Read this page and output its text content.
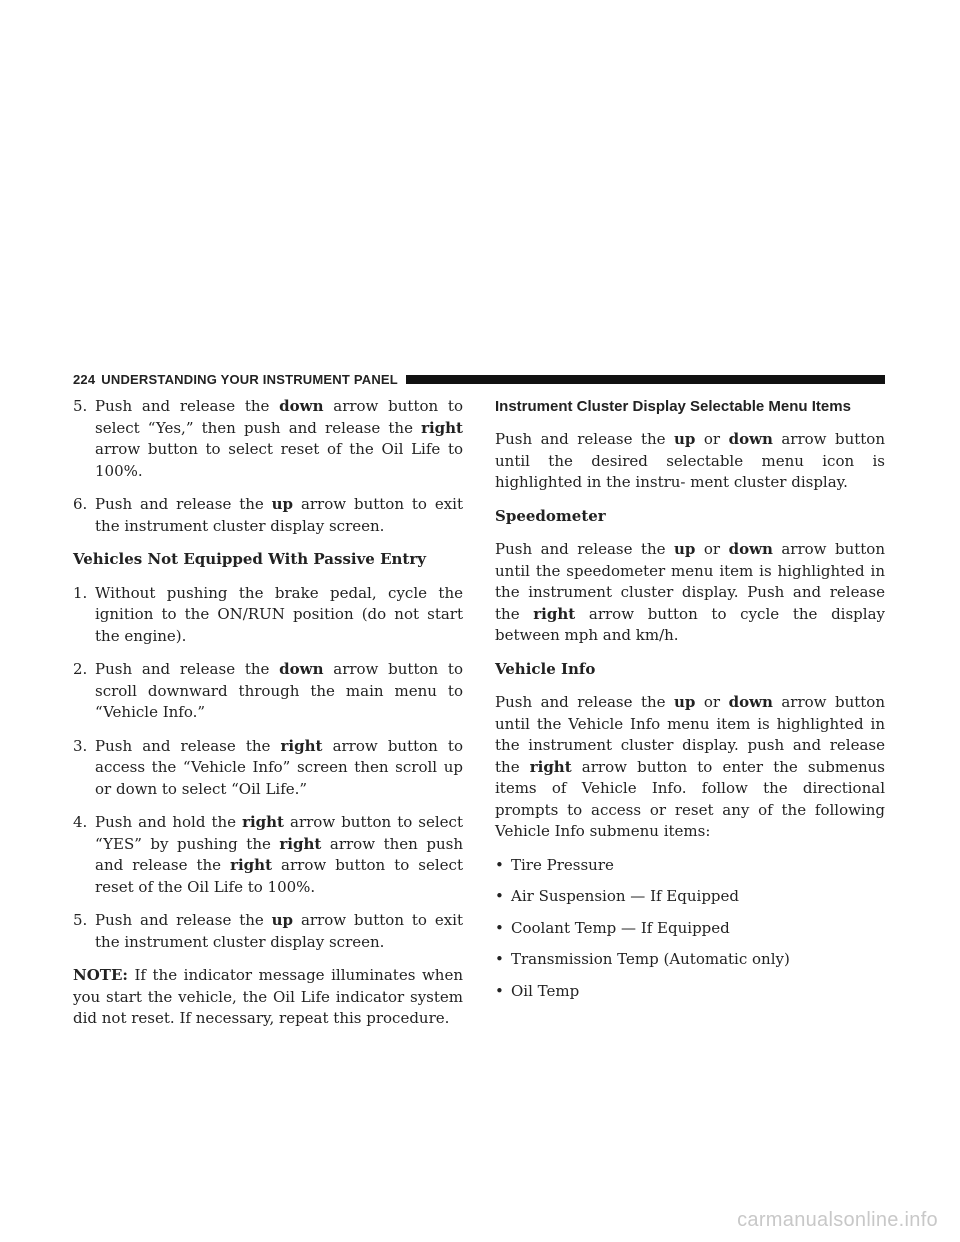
224 UNDERSTANDING YOUR INSTRUMENT PANEL
5. Push and release the down arrow button to select “Yes,” then push and release the right arrow button to select reset of the Oil Life to 100%.
6. Push and release the up arrow button to exit the instrument cluster display screen.
Vehicles Not Equipped With Passive Entry
1. Without pushing the brake pedal, cycle the ignition to the ON/RUN position (do not start the engine).
2. Push and release the down arrow button to scroll downward through the main menu to “Vehicle Info.”
3. Push and release the right arrow button to access the “Vehicle Info” screen then scroll up or down to select “Oil Life.”
4. Push and hold the right arrow button to select “YES” by pushing the right arrow then push and release the right arrow button to select reset of the Oil Life to 100%.
5. Push and release the up arrow button to exit the instrument cluster display screen.
NOTE: If the indicator message illuminates when you start the vehicle, the Oil Life indicator system did not reset. If necessary, repeat this procedure.
Instrument Cluster Display Selectable Menu Items
Push and release the up or down arrow button until the desired selectable menu icon is highlighted in the instru- ment cluster display.
Speedometer
Push and release the up or down arrow button until the speedometer menu item is highlighted in the instrument cluster display. Push and release the right arrow button to cycle the display between mph and km/h.
Vehicle Info
Push and release the up or down arrow button until the Vehicle Info menu item is highlighted in the instrument cluster display. push and release the right arrow button to enter the submenus items of Vehicle Info. follow the directional prompts to access or reset any of the following Vehicle Info submenu items:
• Tire Pressure
• Air Suspension — If Equipped
• Coolant Temp — If Equipped
• Transmission Temp (Automatic only)
• Oil Temp
carmanualsonline.info
